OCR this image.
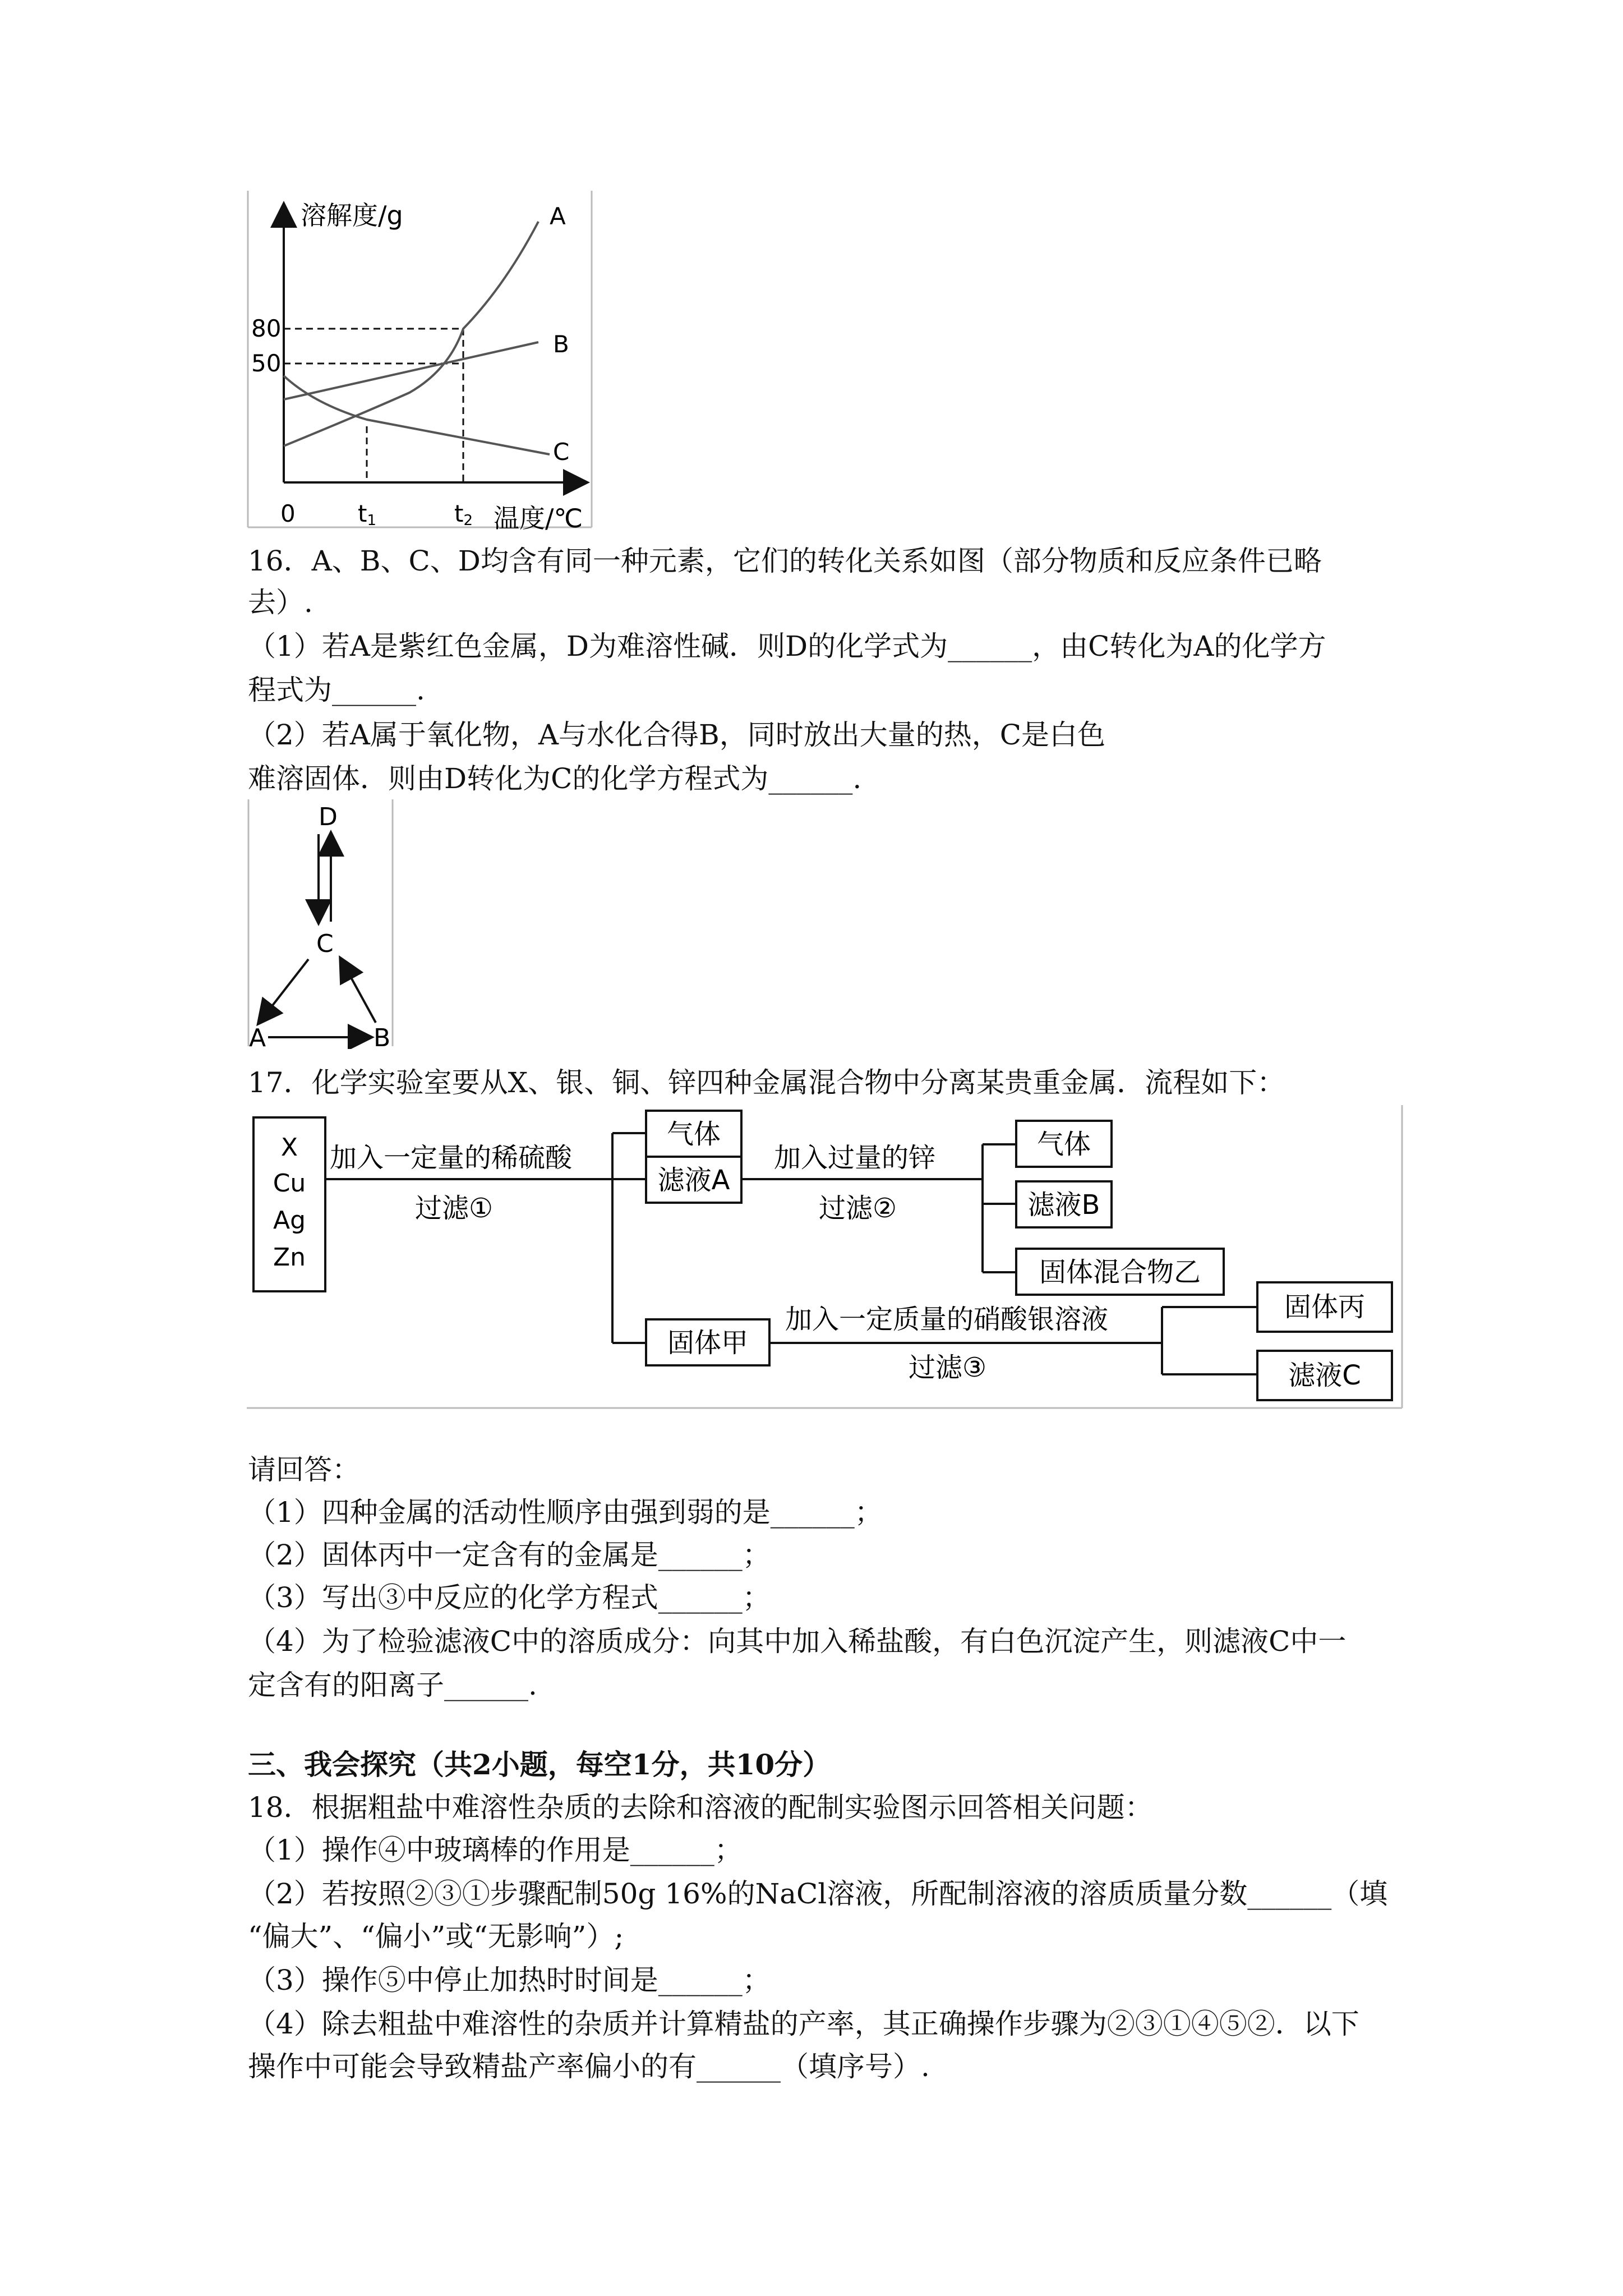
溶解度/g
80
50
A
B
C
0	t1	t2 温度/℃
16．A、B、C、D均含有同一种元素，它们的转化关系如图（部分物质和反应条件已略
去）.
（1）若A是紫红色金属，D为难溶性碱．则D的化学式为______，由C转化为A的化学方
程式为______.
（2）若A属于氧化物，A与水化合得B，同时放出大量的热，C是白色
难溶固体．则由D转化为C的化学方程式为______.
D
C
A	B
17．化学实验室要从X、银、铜、锌四种金属混合物中分离某贵重金属．流程如下：
X
Cu
Ag
Zn
加入一定量的稀硫酸
过滤①
气体
滤液A
加入过量的锌
过滤②
气体
滤液B
固体混合物乙
固体甲
加入一定质量的硝酸银溶液
过滤③
固体丙
滤液C
请回答：
（1）四种金属的活动性顺序由强到弱的是______；
（2）固体丙中一定含有的金属是______；
（3）写出③中反应的化学方程式______；
（4）为了检验滤液C中的溶质成分：向其中加入稀盐酸，有白色沉淀产生，则滤液C中一
定含有的阳离子______.
三、我会探究（共2小题，每空1分，共10分）
18．根据粗盐中难溶性杂质的去除和溶液的配制实验图示回答相关问题：
（1）操作④中玻璃棒的作用是______；
（2）若按照②③①步骤配制50g 16%的NaCl溶液，所配制溶液的溶质质量分数______（填
“偏大”、“偏小”或“无影响”）;
（3）操作⑤中停止加热时时间是______；
（4）除去粗盐中难溶性的杂质并计算精盐的产率，其正确操作步骤为②③①④⑤②．以下
操作中可能会导致精盐产率偏小的有______（填序号）.
